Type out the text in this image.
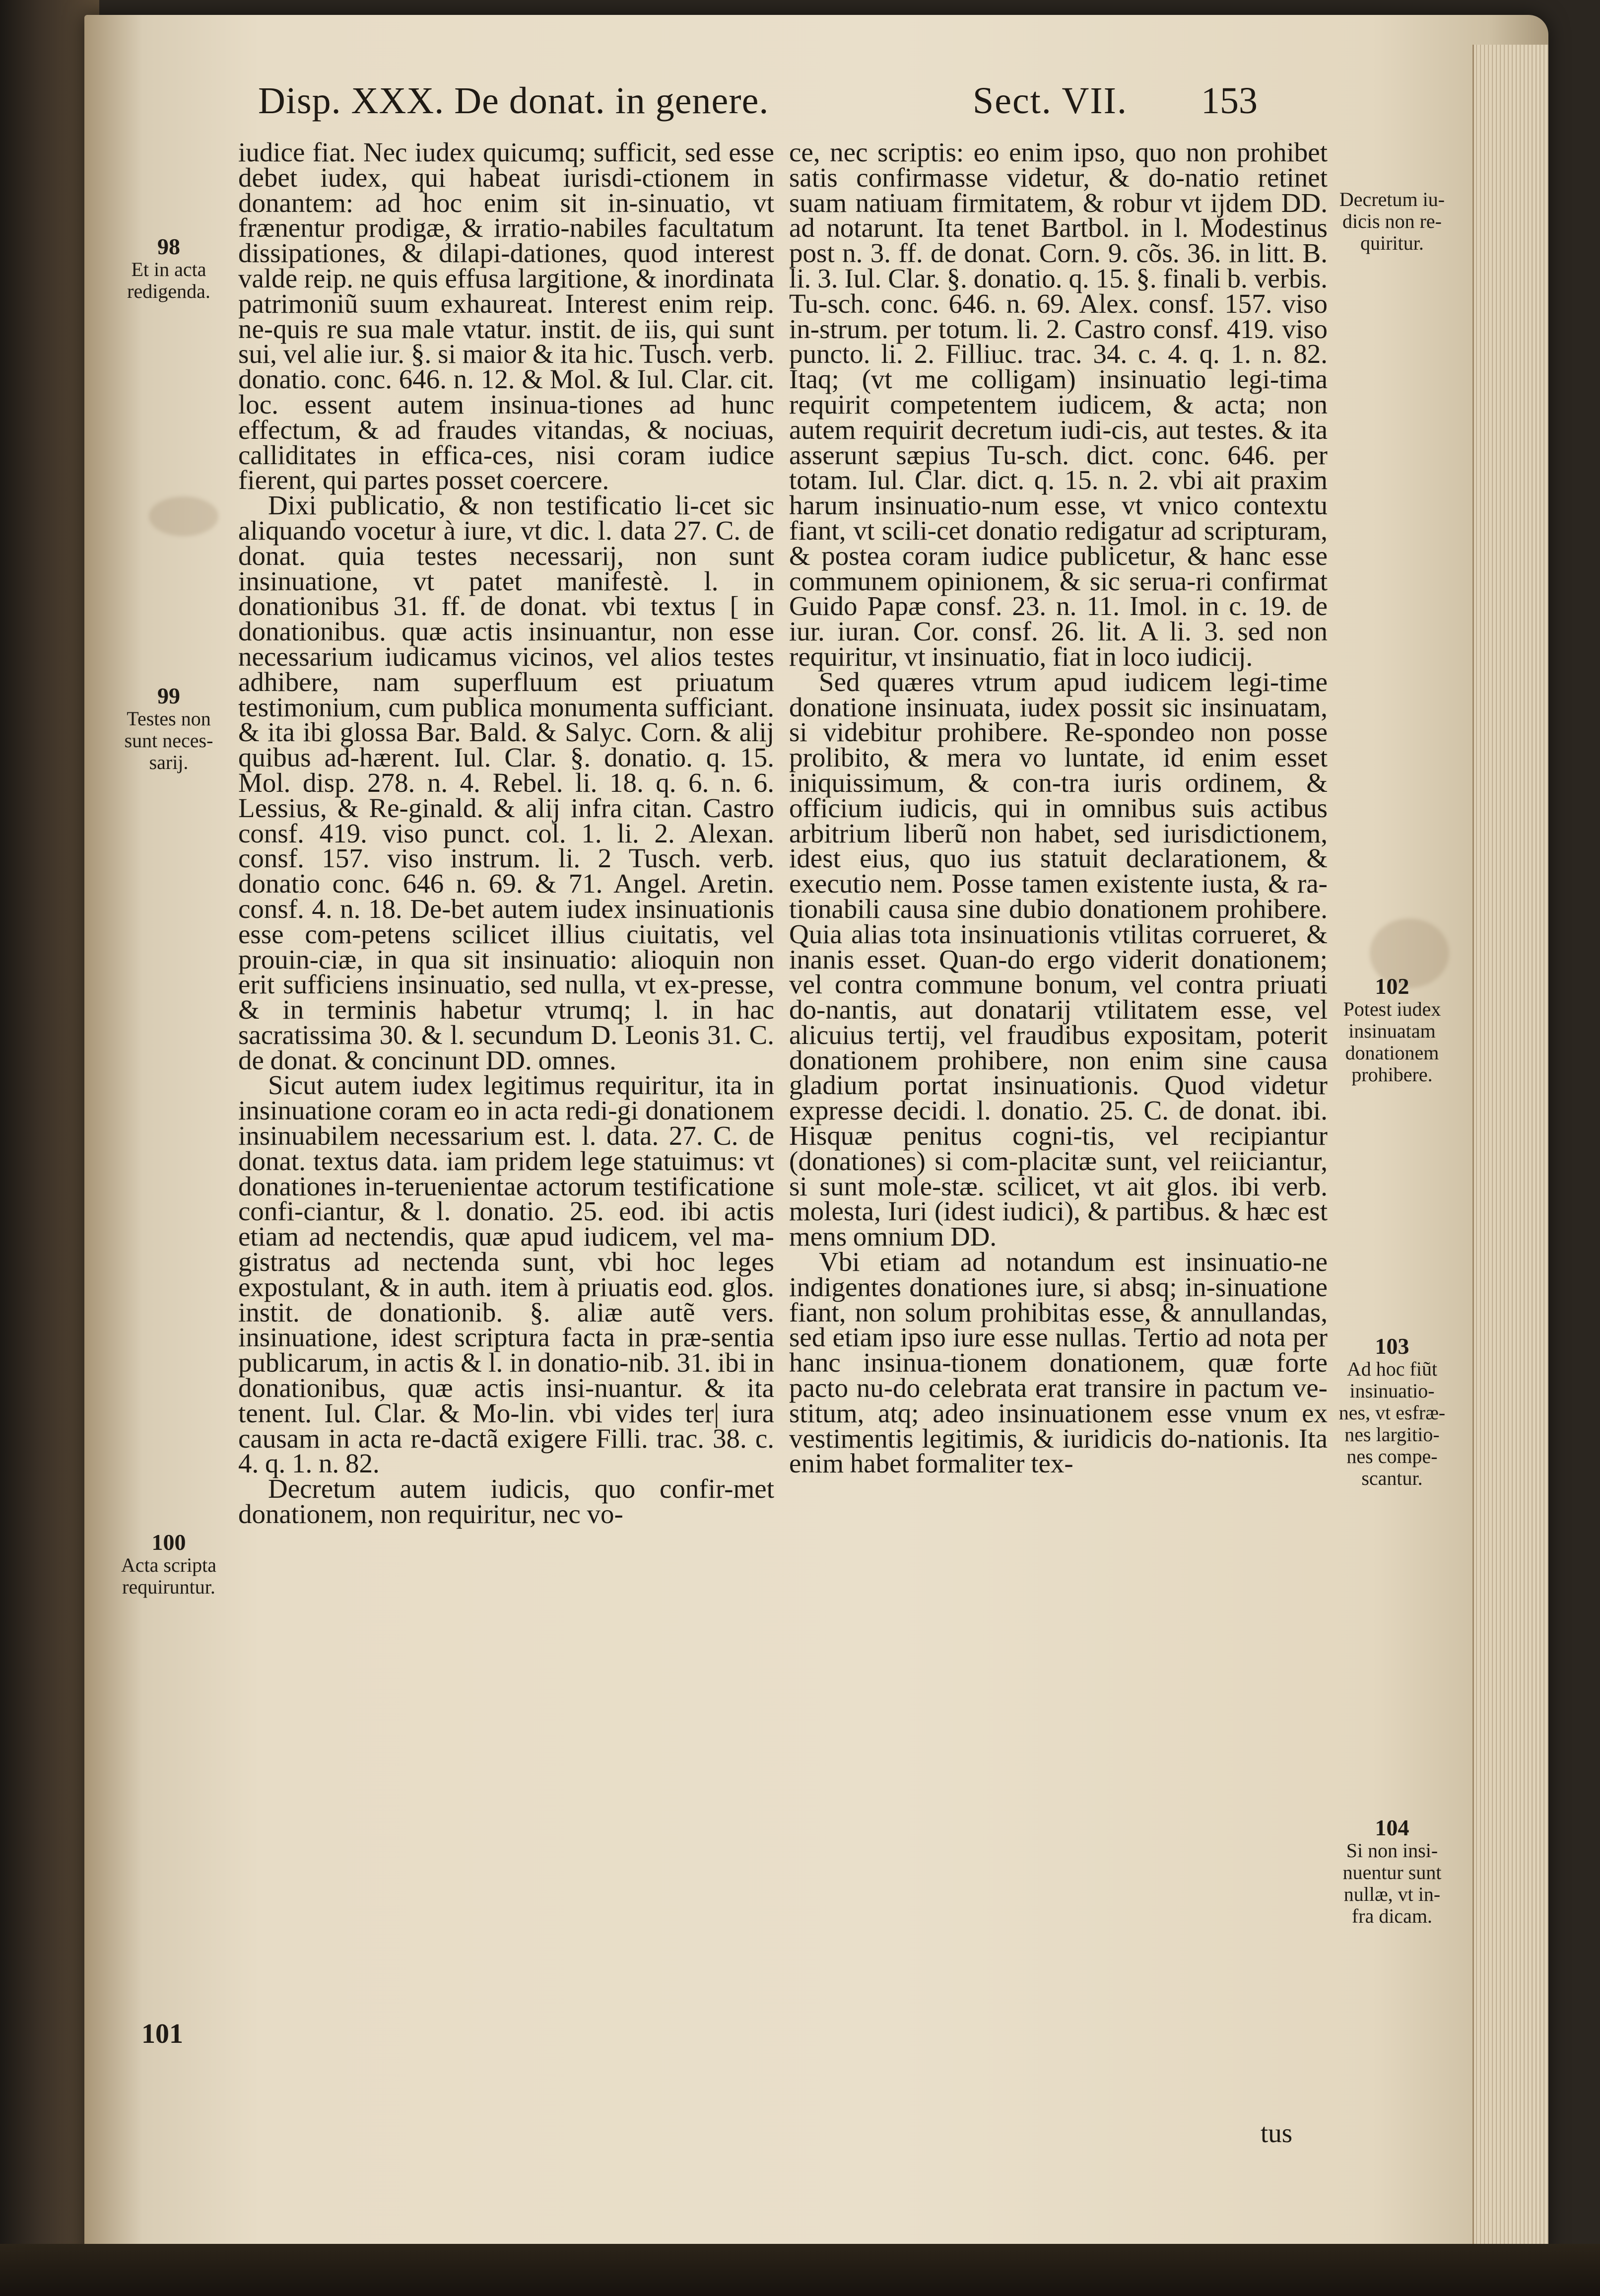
Disp. XXX. De donat. in genere.	Sect. VII. 153
98
Et in acta redigenda.
99
Testes non sunt neces-sarij.
100
Acta scripta requiruntur.
101
Decretum iu-dicis non re-quiritur.
102
Potest iudex insinuatam donationem prohibere.
103
Ad hoc fiũt insinuatio-nes, vt esfræ-nes largitio-nes compe-scantur.
104
Si non insi-nuentur sunt nullæ, vt in-fra dicam.

iudice fiat. Nec iudex quicumq; sufficit, sed esse debet iudex, qui habeat iurisdi-ctionem in donantem: ad hoc enim sit in-sinuatio, vt frænentur prodigæ, & irratio-nabiles facultatum dissipationes, & dilapi-dationes, quod interest valde reip. ne quis effusa largitione, & inordinata patrimoniũ suum exhaureat. Interest enim reip. ne-quis re sua male vtatur. instit. de iis, qui sunt sui, vel alie iur. §. si maior & ita hic. Tusch. verb. donatio. conc. 646. n. 12. & Mol. & Iul. Clar. cit. loc. essent autem insinua-tiones ad hunc effectum, & ad fraudes vitandas, & nociuas, calliditates in effica-ces, nisi coram iudice fierent, qui partes posset coercere.

Dixi publicatio, & non testificatio li-cet sic aliquando vocetur à iure, vt dic. l. data 27. C. de donat. quia testes necessarij, non sunt insinuatione, vt patet manifestè. l. in donationibus 31. ff. de donat. vbi textus [ in donationibus. quæ actis insinuantur, non esse necessarium iudicamus vicinos, vel alios testes adhibere, nam superfluum est priuatum testimonium, cum publica monumenta sufficiant. & ita ibi glossa Bar. Bald. & Salyc. Corn. & alij quibus ad-hærent. Iul. Clar. §. donatio. q. 15. Mol. disp. 278. n. 4. Rebel. li. 18. q. 6. n. 6. Lessius, & Re-ginald. & alij infra citan. Castro consf. 419. viso punct. col. 1. li. 2. Alexan. consf. 157. viso instrum. li. 2 Tusch. verb. donatio conc. 646 n. 69. & 71. Angel. Aretin. consf. 4. n. 18. De-bet autem iudex insinuationis esse com-petens scilicet illius ciuitatis, vel prouin-ciæ, in qua sit insinuatio: alioquin non erit sufficiens insinuatio, sed nulla, vt ex-presse, & in terminis habetur vtrumq; l. in hac sacratissima 30. & l. secundum D. Leonis 31. C. de donat. & concinunt DD. omnes.

Sicut autem iudex legitimus requiritur, ita in insinuatione coram eo in acta redi-gi donationem insinuabilem necessarium est. l. data. 27. C. de donat. textus data. iam pridem lege statuimus: vt donationes in-teruenientae actorum testificatione confi-ciantur, & l. donatio. 25. eod. ibi actis etiam ad nectendis, quæ apud iudicem, vel ma-gistratus ad nectenda sunt, vbi hoc leges expostulant, & in auth. item à priuatis eod. glos. instit. de donationib. §. aliæ autẽ vers. insinuatione, idest scriptura facta in præ-sentia publicarum, in actis & l. in donatio-nib. 31. ibi in donationibus, quæ actis insi-nuantur. & ita tenent. Iul. Clar. & Mo-lin. vbi vides ter| iura causam in acta re-dactã exigere Filli. trac. 38. c. 4. q. 1. n. 82.

Decretum autem iudicis, quo confir-met donationem, non requiritur, nec vo-

ce, nec scriptis: eo enim ipso, quo non prohibet satis confirmasse videtur, & do-natio retinet suam natiuam firmitatem, & robur vt ijdem DD. ad notarunt. Ita tenet Bartbol. in l. Modestinus post n. 3. ff. de donat. Corn. 9. cõs. 36. in litt. B. li. 3. Iul. Clar. §. donatio. q. 15. §. finali b. verbis. Tu-sch. conc. 646. n. 69. Alex. consf. 157. viso in-strum. per totum. li. 2. Castro consf. 419. viso puncto. li. 2. Filliuc. trac. 34. c. 4. q. 1. n. 82. Itaq; (vt me colligam) insinuatio legi-tima requirit competentem iudicem, & acta; non autem requirit decretum iudi-cis, aut testes. & ita asserunt sæpius Tu-sch. dict. conc. 646. per totam. Iul. Clar. dict. q. 15. n. 2. vbi ait praxim harum insinuatio-num esse, vt vnico contextu fiant, vt scili-cet donatio redigatur ad scripturam, & postea coram iudice publicetur, & hanc esse communem opinionem, & sic serua-ri confirmat Guido Papæ consf. 23. n. 11. Imol. in c. 19. de iur. iuran. Cor. consf. 26. lit. A li. 3. sed non requiritur, vt insinuatio, fiat in loco iudicij.

Sed quæres vtrum apud iudicem legi-time donatione insinuata, iudex possit sic insinuatam, si videbitur prohibere. Re-spondeo non posse prolibito, & mera vo luntate, id enim esset iniquissimum, & con-tra iuris ordinem, & officium iudicis, qui in omnibus suis actibus arbitrium liberũ non habet, sed iurisdictionem, idest eius, quo ius statuit declarationem, & executio nem. Posse tamen existente iusta, & ra-tionabili causa sine dubio donationem prohibere. Quia alias tota insinuationis vtilitas corrueret, & inanis esset. Quan-do ergo viderit donationem; vel contra commune bonum, vel contra priuati do-nantis, aut donatarij vtilitatem esse, vel alicuius tertij, vel fraudibus expositam, poterit donationem prohibere, non enim sine causa gladium portat insinuationis. Quod videtur expresse decidi. l. donatio. 25. C. de donat. ibi. Hisquæ penitus cogni-tis, vel recipiantur (donationes) si com-placitæ sunt, vel reiiciantur, si sunt mole-stæ. scilicet, vt ait glos. ibi verb. molesta, Iuri (idest iudici), & partibus. & hæc est mens omnium DD.

Vbi etiam ad notandum est insinuatio-ne indigentes donationes iure, si absq; in-sinuatione fiant, non solum prohibitas esse, & annullandas, sed etiam ipso iure esse nullas. Tertio ad nota per hanc insinua-tionem donationem, quæ forte pacto nu-do celebrata erat transire in pactum ve-stitum, atq; adeo insinuationem esse vnum ex vestimentis legitimis, & iuridicis do-nationis. Ita enim habet formaliter tex-

tus
